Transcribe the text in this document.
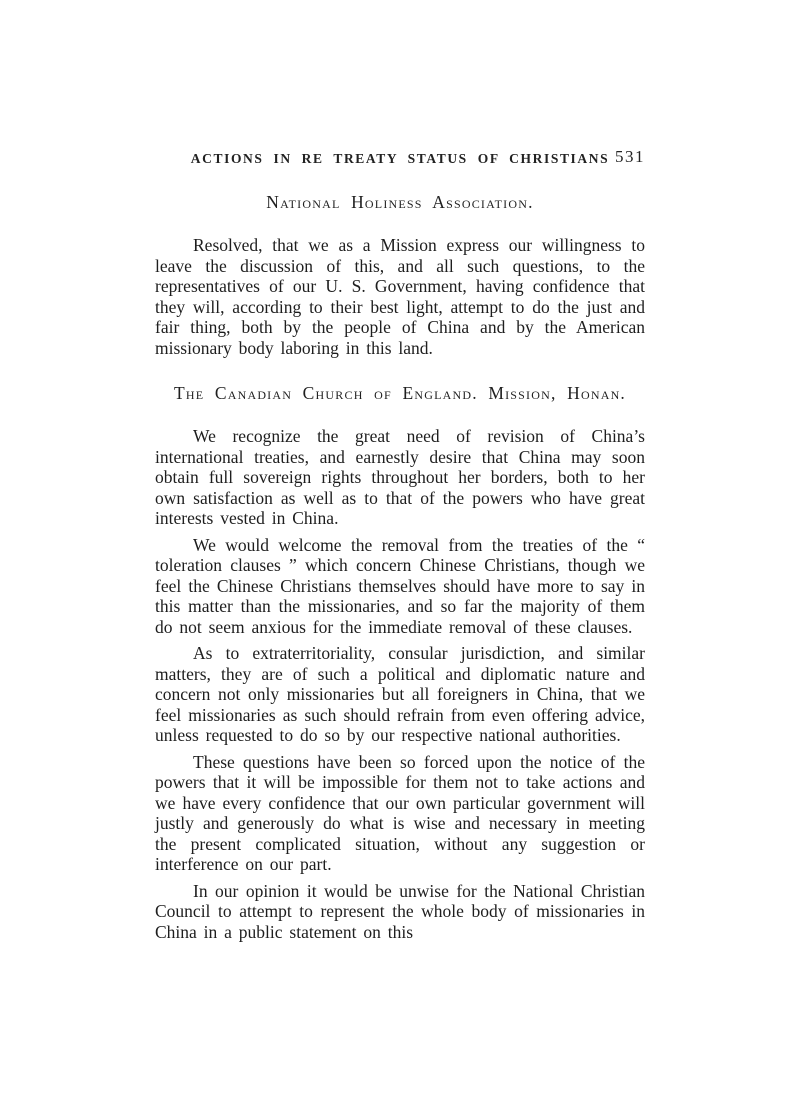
ACTIONS IN RE TREATY STATUS OF CHRISTIANS 531
National Holiness Association.

Resolved, that we as a Mission express our willingness to leave the discussion of this, and all such questions, to the representatives of our U. S. Government, having confidence that they will, according to their best light, attempt to do the just and fair thing, both by the people of China and by the American missionary body laboring in this land.

The Canadian Church of England. Mission, Honan.

We recognize the great need of revision of China’s international treaties, and earnestly desire that China may soon obtain full sovereign rights throughout her borders, both to her own satisfaction as well as to that of the powers who have great interests vested in China.

We would welcome the removal from the treaties of the “ toleration clauses ” which concern Chinese Christians, though we feel the Chinese Christians themselves should have more to say in this matter than the missionaries, and so far the majority of them do not seem anxious for the immediate removal of these clauses.

As to extraterritoriality, consular jurisdiction, and similar matters, they are of such a political and diplomatic nature and concern not only missionaries but all foreigners in China, that we feel missionaries as such should refrain from even offering advice, unless requested to do so by our respective national authorities.

These questions have been so forced upon the notice of the powers that it will be impossible for them not to take actions and we have every confidence that our own particular government will justly and generously do what is wise and necessary in meeting the present complicated situation, without any suggestion or interference on our part.

In our opinion it would be unwise for the National Christian Council to attempt to represent the whole body of missionaries in China in a public statement on this
